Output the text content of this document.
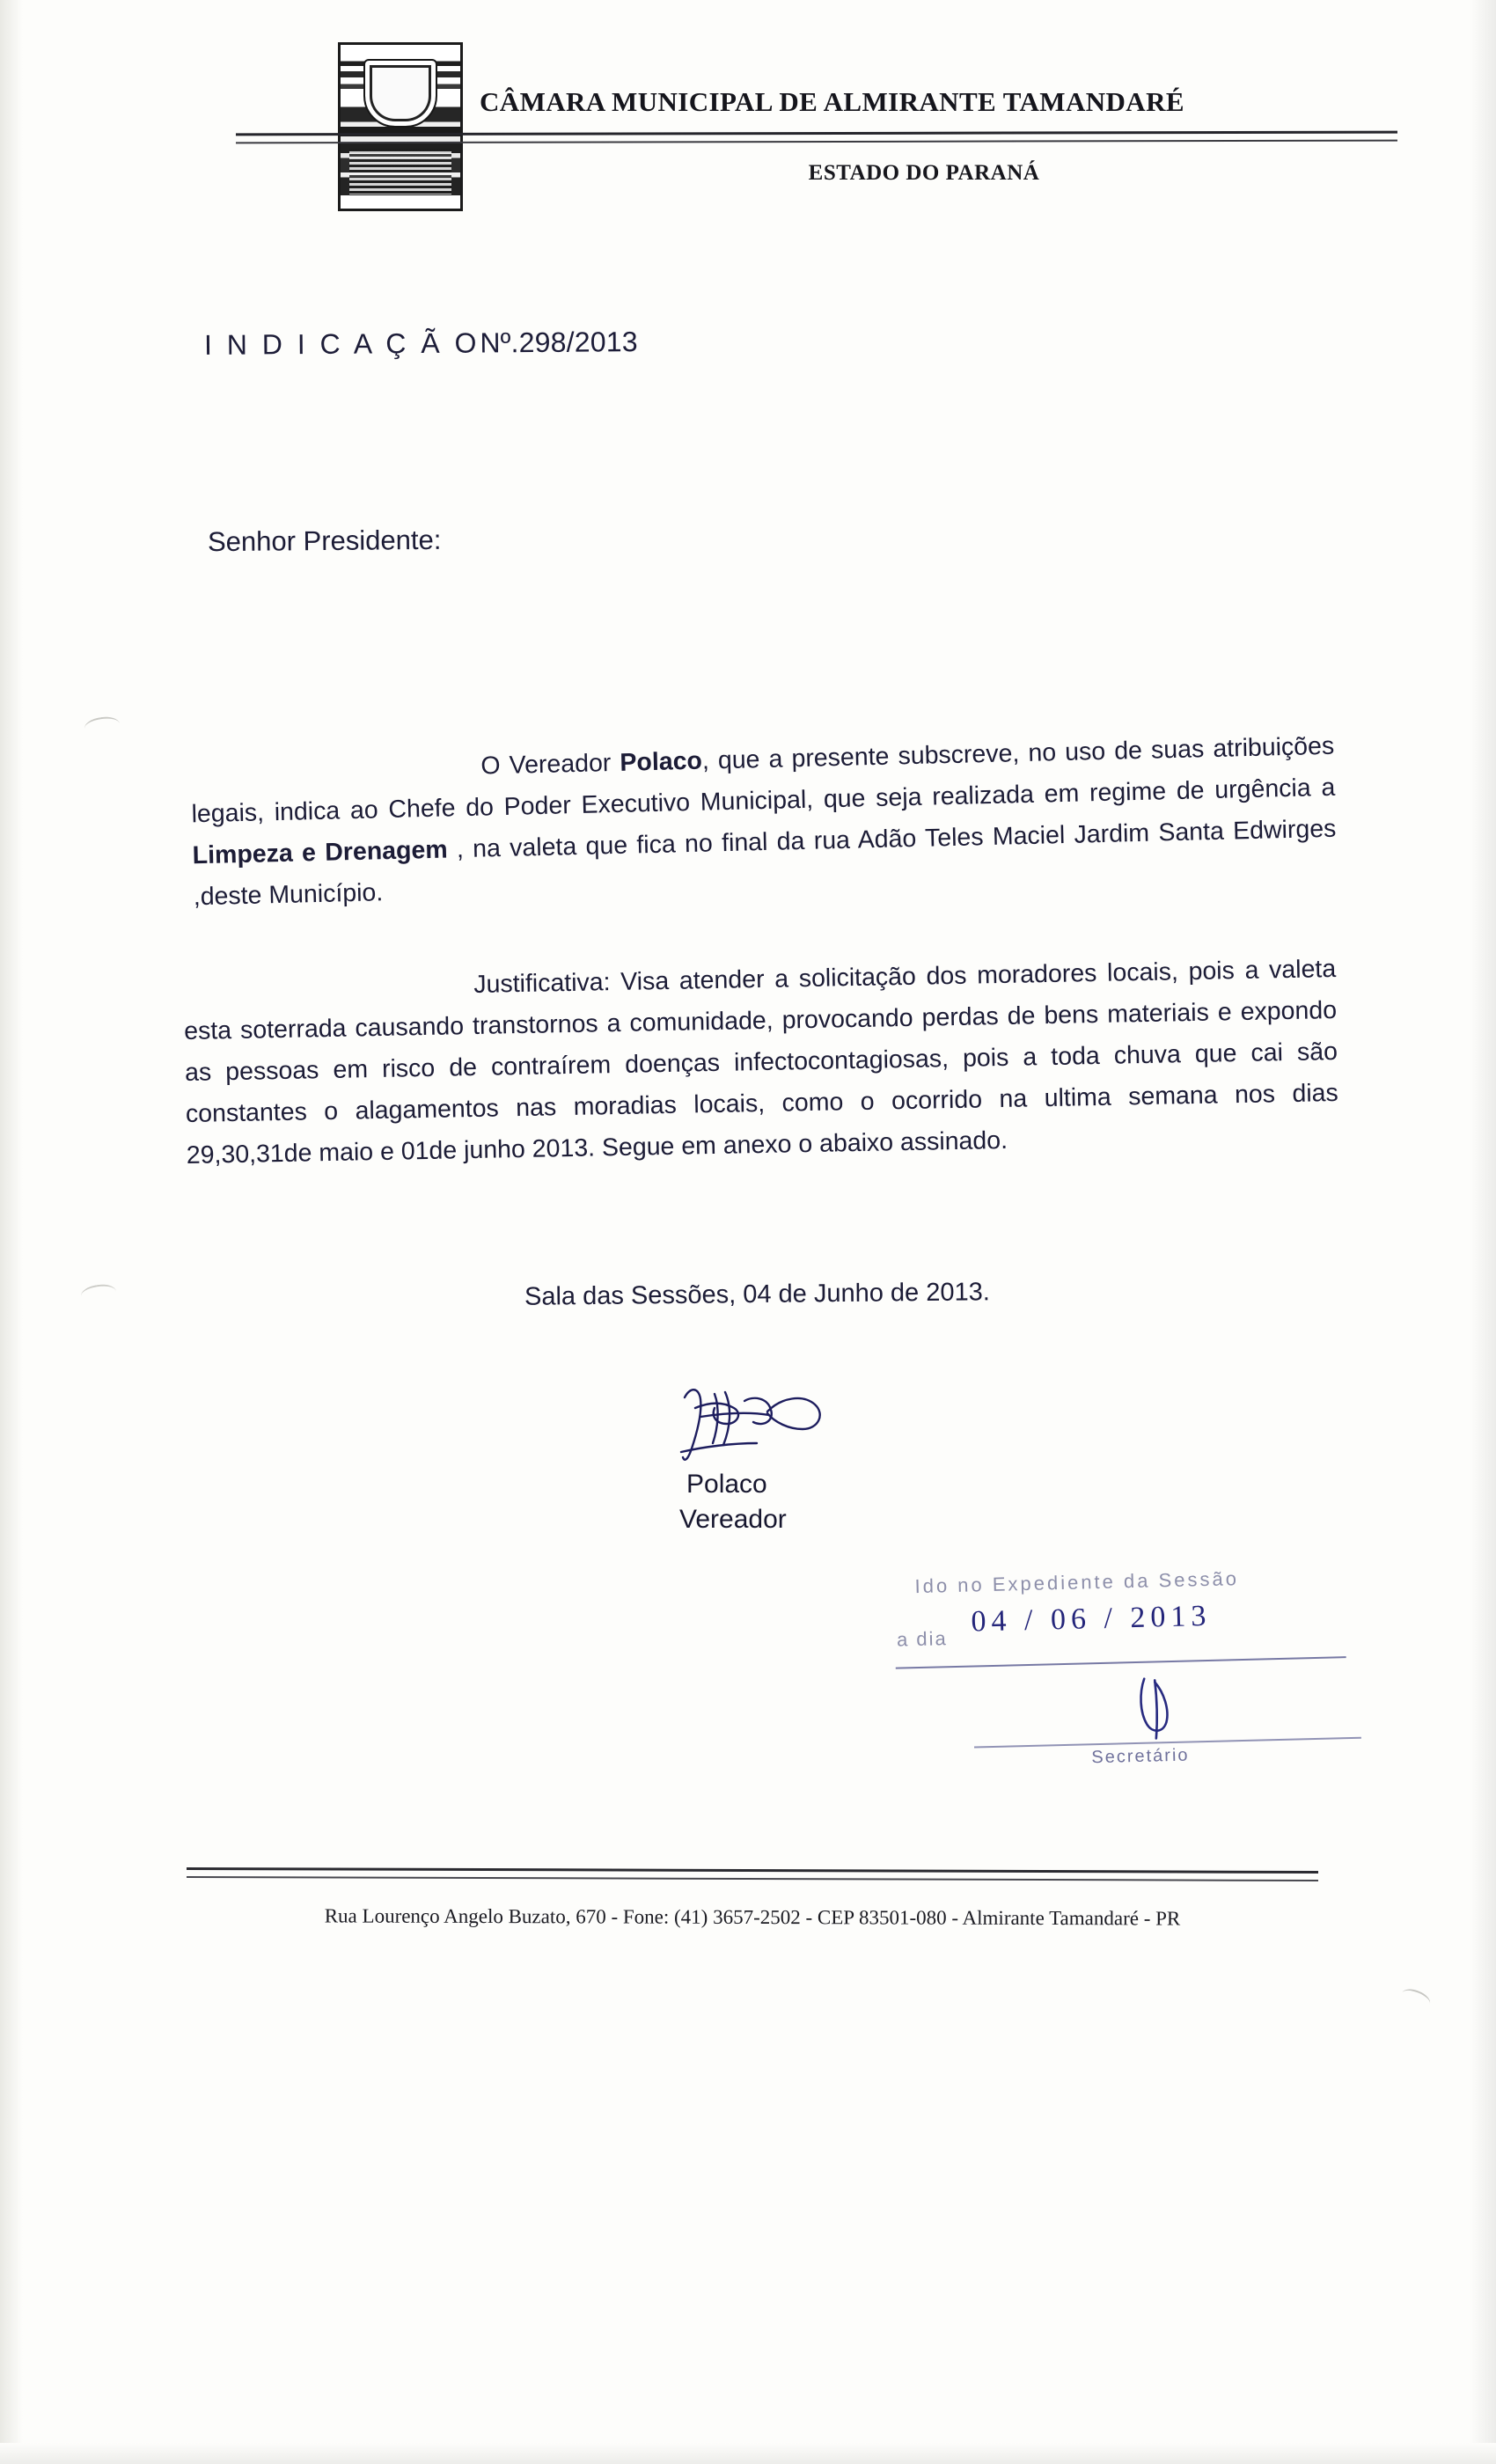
CÂMARA MUNICIPAL DE ALMIRANTE TAMANDARÉ
ESTADO DO PARANÁ
I N D I C A Ç Ã ONº.298/2013
Senhor Presidente:
O Vereador Polaco, que a presente subscreve, no uso de suas atribuições legais, indica ao Chefe do Poder Executivo Municipal, que seja realizada em regime de urgência a Limpeza e Drenagem , na valeta que fica no final da rua Adão Teles Maciel Jardim Santa Edwirges ,deste Município.
Justificativa: Visa atender a solicitação dos moradores locais, pois a valeta esta soterrada causando transtornos a comunidade, provocando perdas de bens materiais e expondo as pessoas em risco de contraírem doenças infectocontagiosas, pois a toda chuva que cai são constantes o alagamentos nas moradias locais, como o ocorrido na ultima semana nos dias 29,30,31de maio e 01de junho 2013. Segue em anexo o abaixo assinado.
Sala das Sessões, 04 de Junho de 2013.
Polaco
Vereador
Ido no Expediente da Sessão
a dia
04 / 06 / 2013
Secretário
Rua Lourenço Angelo Buzato, 670 - Fone: (41) 3657-2502 - CEP 83501-080 - Almirante Tamandaré - PR
